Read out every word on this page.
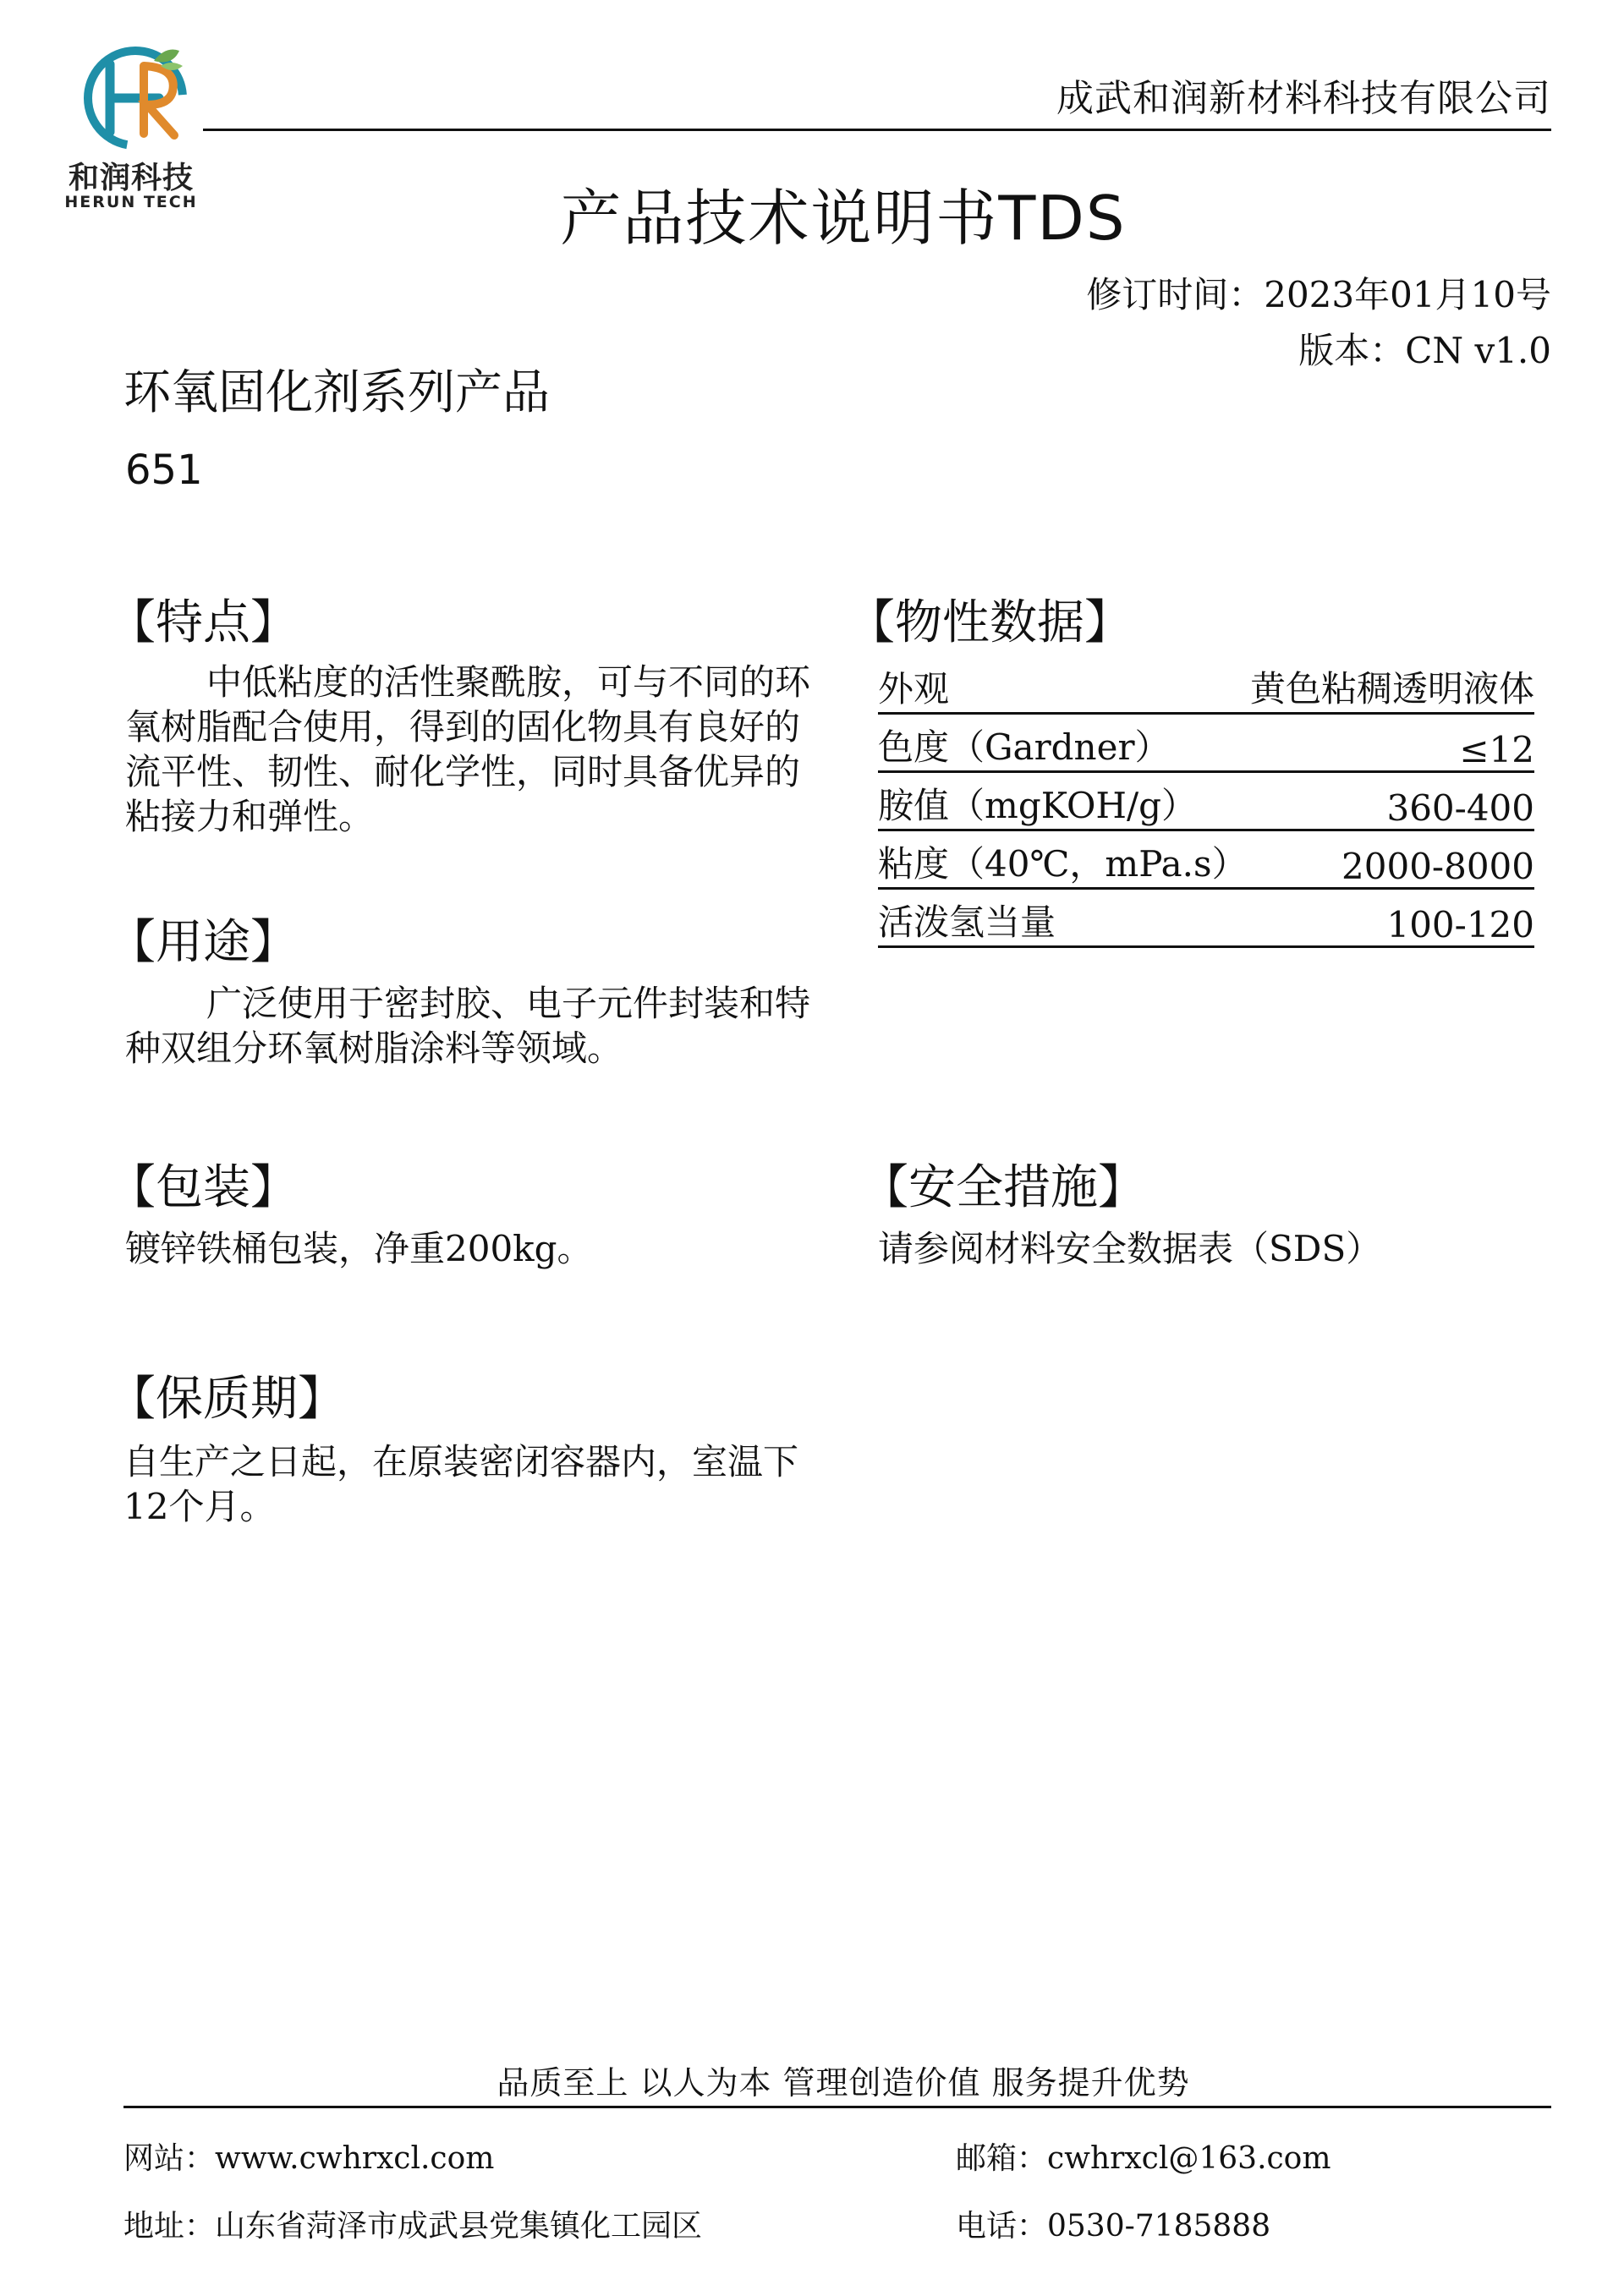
和润科技
HERUN TECH
成武和润新材料科技有限公司
产品技术说明书TDS
修订时间：2023年01月10号
版本：CN v1.0
环氧固化剂系列产品
651
【特点】
中低粘度的活性聚酰胺，可与不同的环氧树脂配合使用，得到的固化物具有良好的流平性、韧性、耐化学性，同时具备优异的粘接力和弹性。
【用途】
广泛使用于密封胶、电子元件封装和特种双组分环氧树脂涂料等领域。
【包装】
镀锌铁桶包装，净重200kg。
【保质期】
自生产之日起，在原装密闭容器内，室温下12个月。
【物性数据】
外观	黄色粘稠透明液体
色度（Gardner）	≤12
胺值（mgKOH/g）	360-400
粘度（40℃，mPa.s）	2000-8000
活泼氢当量	100-120
【安全措施】
请参阅材料安全数据表（SDS）
品质至上 以人为本 管理创造价值 服务提升优势
网站：www.cwhrxcl.com	邮箱：cwhrxcl@163.com
地址：山东省菏泽市成武县党集镇化工园区	电话：0530-7185888
